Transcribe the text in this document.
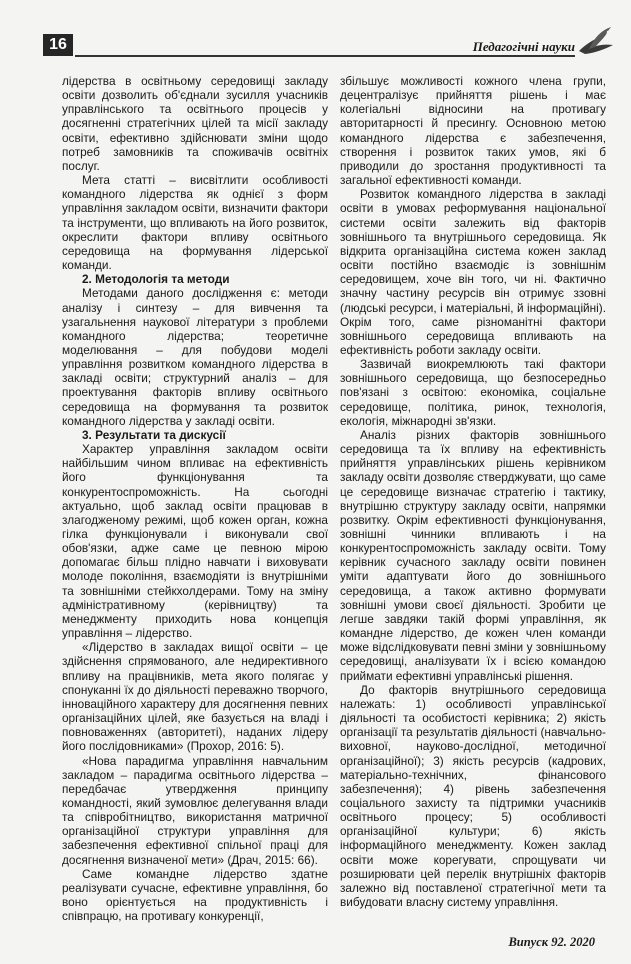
16	Педагогічні науки

лідерства в освітньому середовищі закладу освіти дозволить об'єднали зусилля учасників управлінського та освітнього процесів у досягненні стратегічних цілей та місії закладу освіти, ефективно здійснювати зміни щодо потреб замовників та споживачів освітніх послуг.

Мета статті – висвітлити особливості командного лідерства як однієї з форм управління закладом освіти, визначити фактори та інструменти, що впливають на його розвиток, окреслити фактори впливу освітнього середовища на формування лідерської команди.

2. Методологія та методи

Методами даного дослідження є: методи аналізу і синтезу – для вивчення та узагальнення наукової літератури з проблеми командного лідерства; теоретичне моделювання – для побудови моделі управління розвитком командного лідерства в закладі освіти; структурний аналіз – для проектування факторів впливу освітнього середовища на формування та розвиток командного лідерства у закладі освіти.

3. Результати та дискусії

Характер управління закладом освіти найбільшим чином впливає на ефективність його функціонування та конкурентоспроможність. На сьогодні актуально, щоб заклад освіти працював в злагодженому режимі, щоб кожен орган, кожна гілка функціонували і виконували свої обов'язки, адже саме це певною мірою допомагає більш плідно навчати і виховувати молоде покоління, взаємодіяти із внутрішніми та зовнішніми стейкхолдерами. Тому на зміну адміністративному (керівництву) та менеджменту приходить нова концепція управління – лідерство.

«Лідерство в закладах вищої освіти – це здійснення спрямованого, але недирективного впливу на працівників, мета якого полягає у спонуканні їх до діяльності переважно творчого, інноваційного характеру для досягнення певних організаційних цілей, яке базується на владі і повноваженнях (авторитеті), наданих лідеру його послідовниками» (Прохор, 2016: 5).

«Нова парадигма управління навчальним закладом – парадигма освітнього лідерства – передбачає утвердження принципу командності, який зумовлює делегування влади та співробітництво, використання матричної організаційної структури управління для забезпечення ефективної спільної праці для досягнення визначеної мети» (Драч, 2015: 66).

Саме командне лідерство здатне реалізувати сучасне, ефективне управління, бо воно орієнтується на продуктивність і співпрацю, на противагу конкуренції,

збільшує можливості кожного члена групи, децентралізує прийняття рішень і має колегіальні відносини на противагу авторитарності й пресингу. Основною метою командного лідерства є забезпечення, створення і розвиток таких умов, які б приводили до зростання продуктивності та загальної ефективності команди.

Розвиток командного лідерства в закладі освіти в умовах реформування національної системи освіти залежить від факторів зовнішнього та внутрішнього середовища. Як відкрита організаційна система кожен заклад освіти постійно взаємодіє із зовнішнім середовищем, хоче він того, чи ні. Фактично значну частину ресурсів він отримує ззовні (людські ресурси, і матеріальні, й інформаційні). Окрім того, саме різноманітні фактори зовнішнього середовища впливають на ефективність роботи закладу освіти.

Зазвичай виокремлюють такі фактори зовнішнього середовища, що безпосередньо пов'язані з освітою: економіка, соціальне середовище, політика, ринок, технологія, екологія, міжнародні зв'язки.

Аналіз різних факторів зовнішнього середовища та їх впливу на ефективність прийняття управлінських рішень керівником закладу освіти дозволяє стверджувати, що саме це середовище визначає стратегію і тактику, внутрішню структуру закладу освіти, напрямки розвитку. Окрім ефективності функціонування, зовнішні чинники впливають і на конкурентоспроможність закладу освіти. Тому керівник сучасного закладу освіти повинен уміти адаптувати його до зовнішнього середовища, а також активно формувати зовнішні умови своєї діяльності. Зробити це легше завдяки такій формі управління, як командне лідерство, де кожен член команди може відслідковувати певні зміни у зовнішньому середовищі, аналізувати їх і всією командою приймати ефективні управлінські рішення.

До факторів внутрішнього середовища належать: 1) особливості управлінської діяльності та особистості керівника; 2) якість організації та результатів діяльності (навчально-виховної, науково-дослідної, методичної організаційної); 3) якість ресурсів (кадрових, матеріально-технічних, фінансового забезпечення); 4) рівень забезпечення соціального захисту та підтримки учасників освітнього процесу; 5) особливості організаційної культури; 6) якість інформаційного менеджменту. Кожен заклад освіти може корегувати, спрощувати чи розширювати цей перелік внутрішніх факторів залежно від поставленої стратегічної мети та вибудовати власну систему управління.

Випуск 92. 2020
